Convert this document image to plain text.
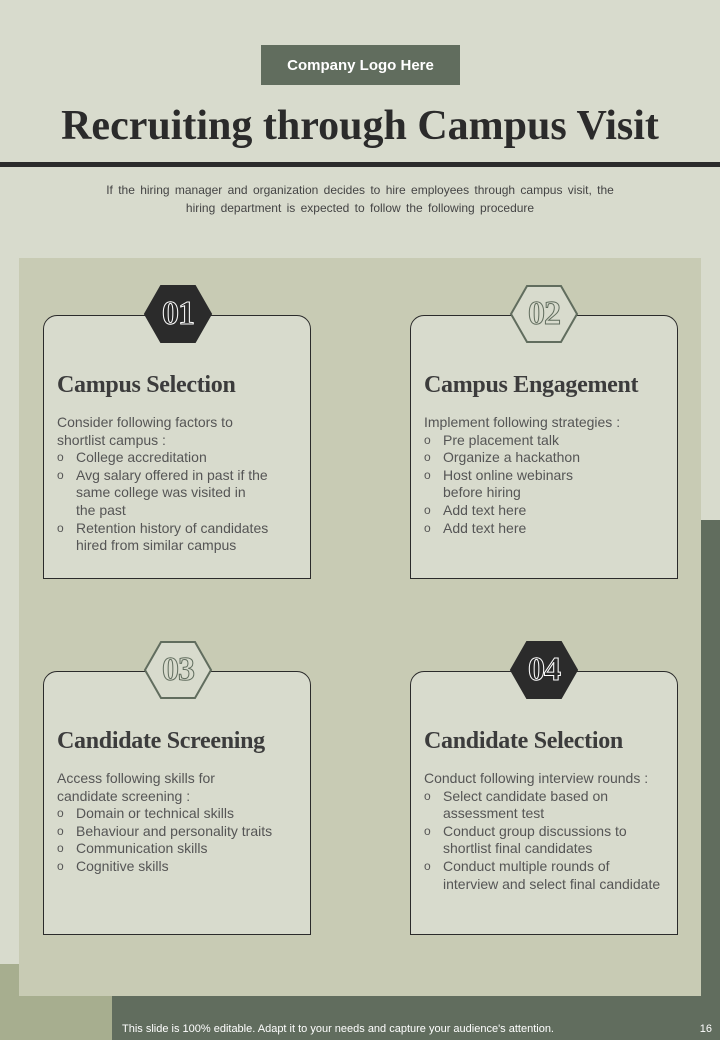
Company Logo Here
Recruiting through Campus Visit
If the hiring manager and organization decides to hire employees through campus visit, the
hiring department is expected to follow the following procedure
Campus Selection
Consider following factors to
shortlist campus :
o College accreditation
o Avg salary offered in past if the
same college was visited in
the past
o Retention history of candidates
hired from similar campus
Campus Engagement
Implement following strategies :
o Pre placement talk
o Organize a hackathon
o Host online webinars
before hiring
o Add text here
o Add text here
Candidate Screening
Access following skills for
candidate screening :
o Domain or technical skills
o Behaviour and personality traits
o Communication skills
o Cognitive skills
Candidate Selection
Conduct following interview rounds :
o Select candidate based on
assessment test
o Conduct group discussions to
shortlist final candidates
o Conduct multiple rounds of
interview and select final candidate
01	02
03	04
This slide is 100% editable. Adapt it to your needs and capture your audience's attention.	16
